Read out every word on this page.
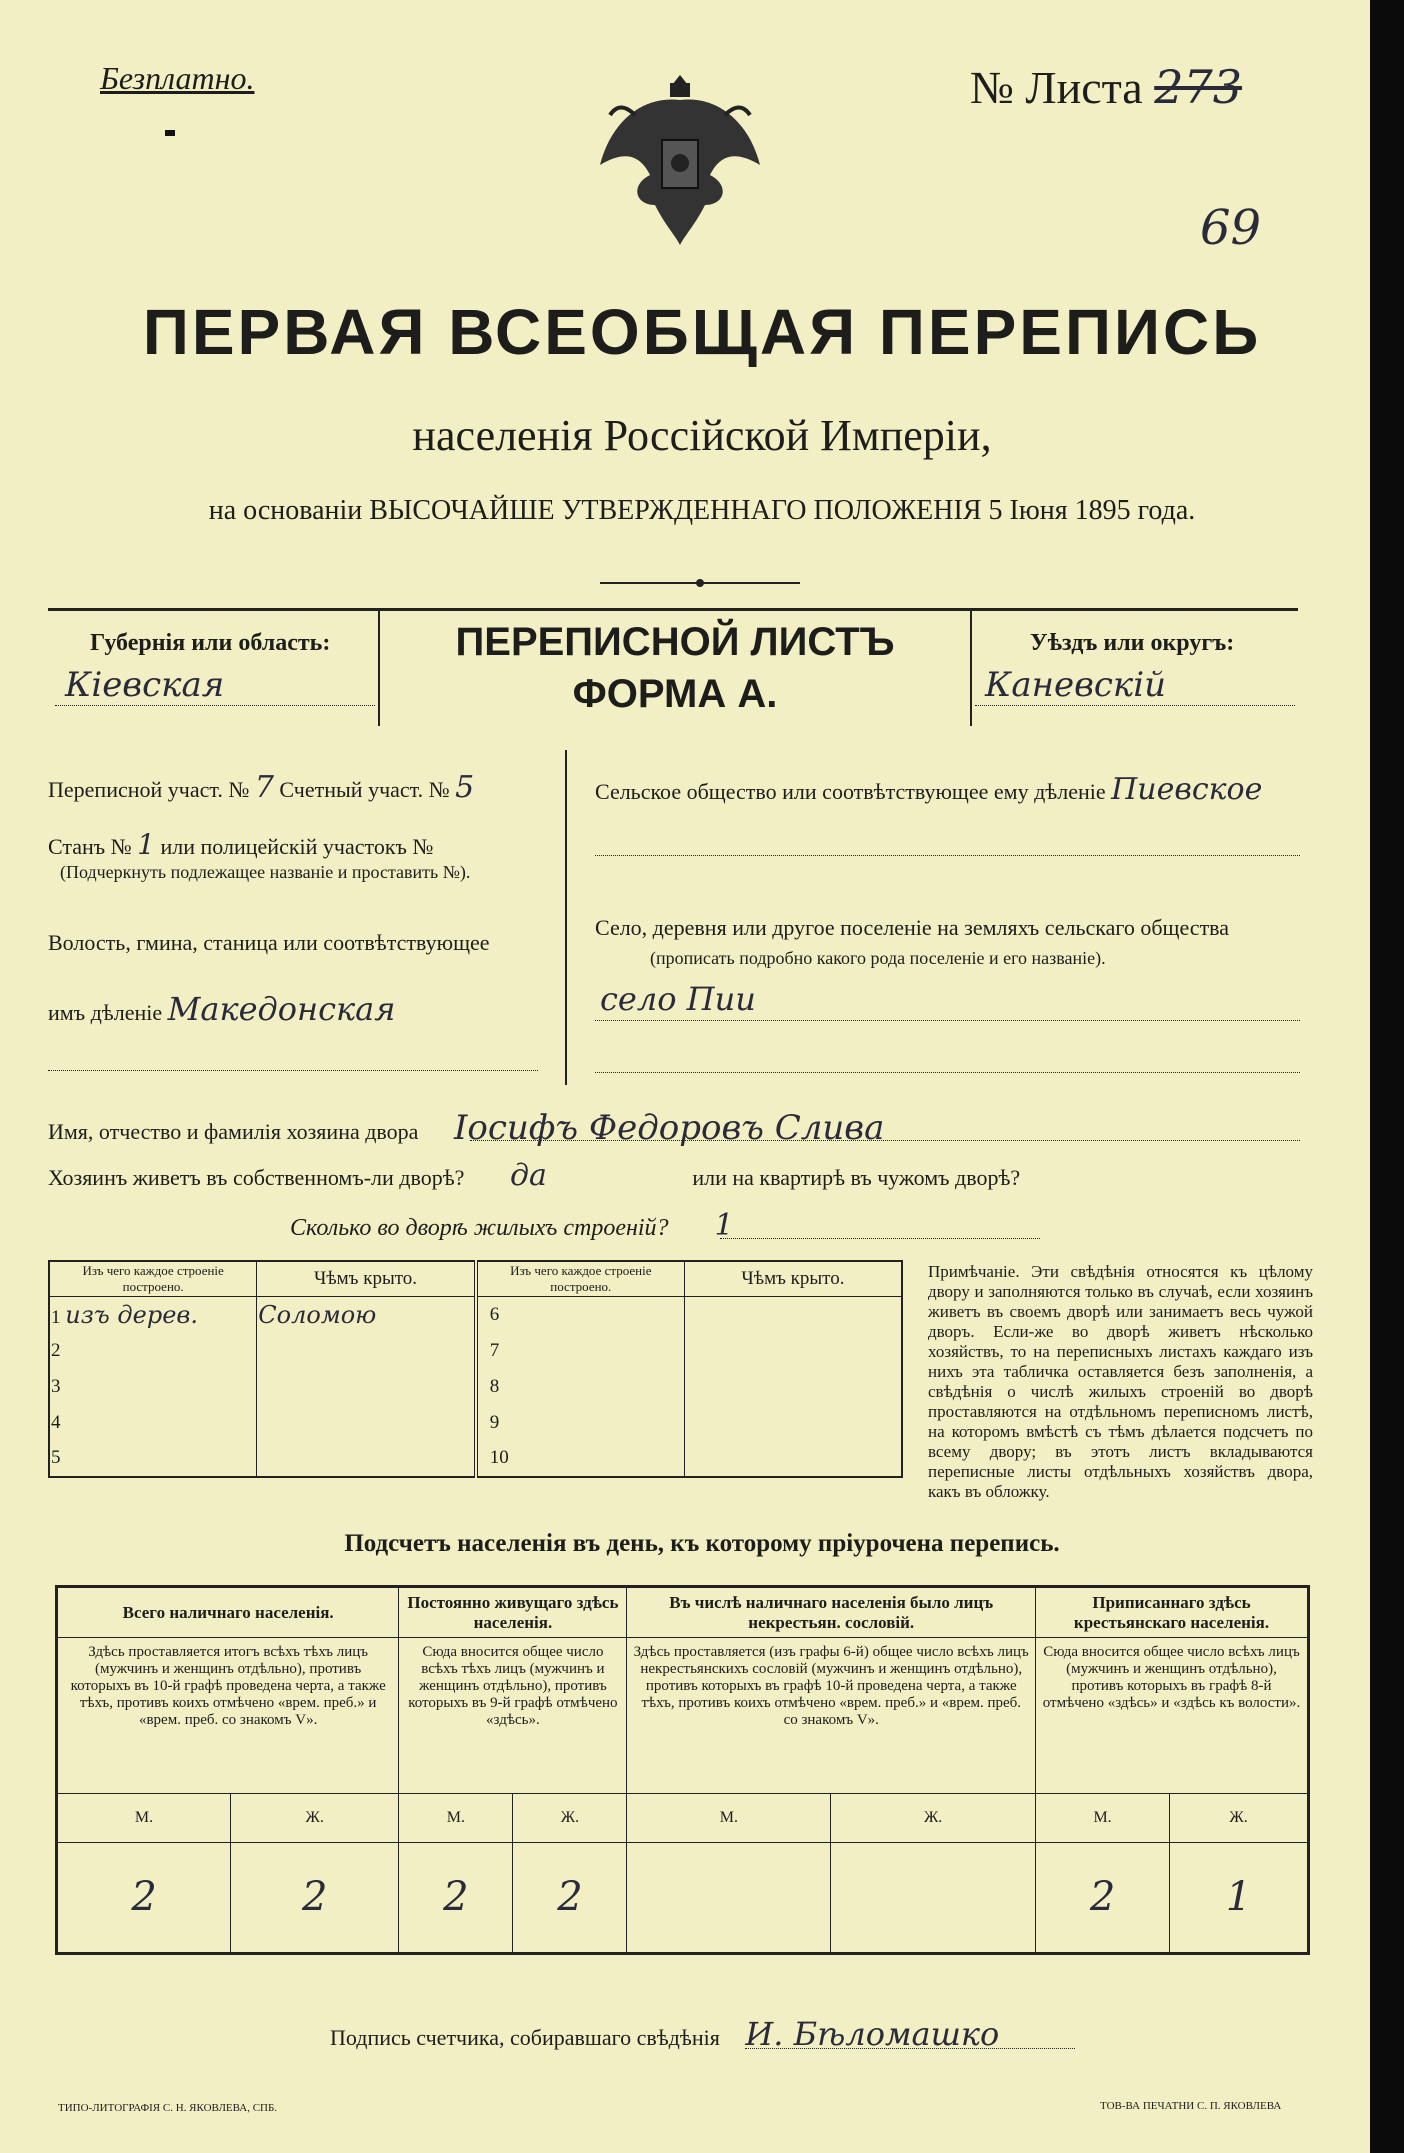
Безплатно.	№ Листа 273
69
ПЕРВАЯ ВСЕОБЩАЯ ПЕРЕПИСЬ
населенія Россійской Имперіи,
на основаніи ВЫСОЧАЙШЕ УТВЕРЖДЕННАГО ПОЛОЖЕНІЯ 5 Іюня 1895 года.
Губернія или область:
Кіевская
ПЕРЕПИСНОЙ ЛИСТЪ
ФОРМА А.
Уѣздъ или округъ:
Каневскій
Переписной участ. № 7 Счетный участ. № 5
Станъ № 1 или полицейскій участокъ №
(Подчеркнуть подлежащее названіе и проставить №).
Волость, гмина, станица или соотвѣтствующее
имъ дѣленіе Македонская
Сельское общество или соотвѣтствующее ему дѣленіе Пиевское
Село, деревня или другое поселеніе на земляхъ сельскаго общества
(прописать подробно какого рода поселеніе и его названіе).
село Пии
Имя, отчество и фамилія хозяина двора Іосифъ Федоровъ Слива
Хозяинъ живетъ въ собственномъ-ли дворѣ? да	или на квартирѣ въ чужомъ дворѣ?
Сколько во дворѣ жилыхъ строеній? 1
Изъ чего каждое строеніе построено.	Чѣмъ крыто.	Изъ чего каждое строеніе построено.	Чѣмъ крыто.
1 изъ дерев.	Соломою	6	
2		7	
3		8	
4		9	
5		10	
Примѣчаніе. Эти свѣдѣнія относятся къ цѣлому двору и заполняются только въ случаѣ, если хозяинъ живетъ въ своемъ дворѣ или занимаетъ весь чужой дворъ. Если-же во дворѣ живетъ нѣсколько хозяйствъ, то на переписныхъ листахъ каждаго изъ нихъ эта табличка оставляется безъ заполненія, а свѣдѣнія о числѣ жилыхъ строеній во дворѣ проставляются на отдѣльномъ переписномъ листѣ, на которомъ вмѣстѣ съ тѣмъ дѣлается подсчетъ по всему двору; въ этотъ листъ вкладываются переписные листы отдѣльныхъ хозяйствъ двора, какъ въ обложку.
Подсчетъ населенія въ день, къ которому пріурочена перепись.
Всего наличнаго населенія.		Постоянно живущаго здѣсь населенія.		Въ числѣ наличнаго населенія было лицъ некрестьян. сословій.		Приписаннаго здѣсь крестьянскаго населенія.	
Здѣсь проставляется итогъ всѣхъ тѣхъ лицъ (мужчинъ и женщинъ отдѣльно), противъ которыхъ въ 10-й графѣ проведена черта, а также тѣхъ, противъ коихъ отмѣчено «врем. преб.» и «врем. преб. со знакомъ V».		Сюда вносится общее число всѣхъ тѣхъ лицъ (мужчинъ и женщинъ отдѣльно), противъ которыхъ въ 9-й графѣ отмѣчено «здѣсь».		Здѣсь проставляется (изъ графы 6-й) общее число всѣхъ лицъ некрестьянскихъ сословій (мужчинъ и женщинъ отдѣльно), противъ которыхъ въ графѣ 10-й проведена черта, а также тѣхъ, противъ коихъ отмѣчено «врем. преб.» и «врем. преб. со знакомъ V».		Сюда вносится общее число всѣхъ лицъ (мужчинъ и женщинъ отдѣльно), противъ которыхъ въ графѣ 8-й отмѣчено «здѣсь» и «здѣсь къ волости».	
М.	Ж.	М.	Ж.	М.	Ж.	М.	Ж.
2	2	2	2			2	1
Подпись счетчика, собиравшаго свѣдѣнія И. Бѣломашко
ТИПО-ЛИТОГРАФІЯ С. Н. ЯКОВЛЕВА, СПБ.	ТОВ-ВА ПЕЧАТНИ С. П. ЯКОВЛЕВА
